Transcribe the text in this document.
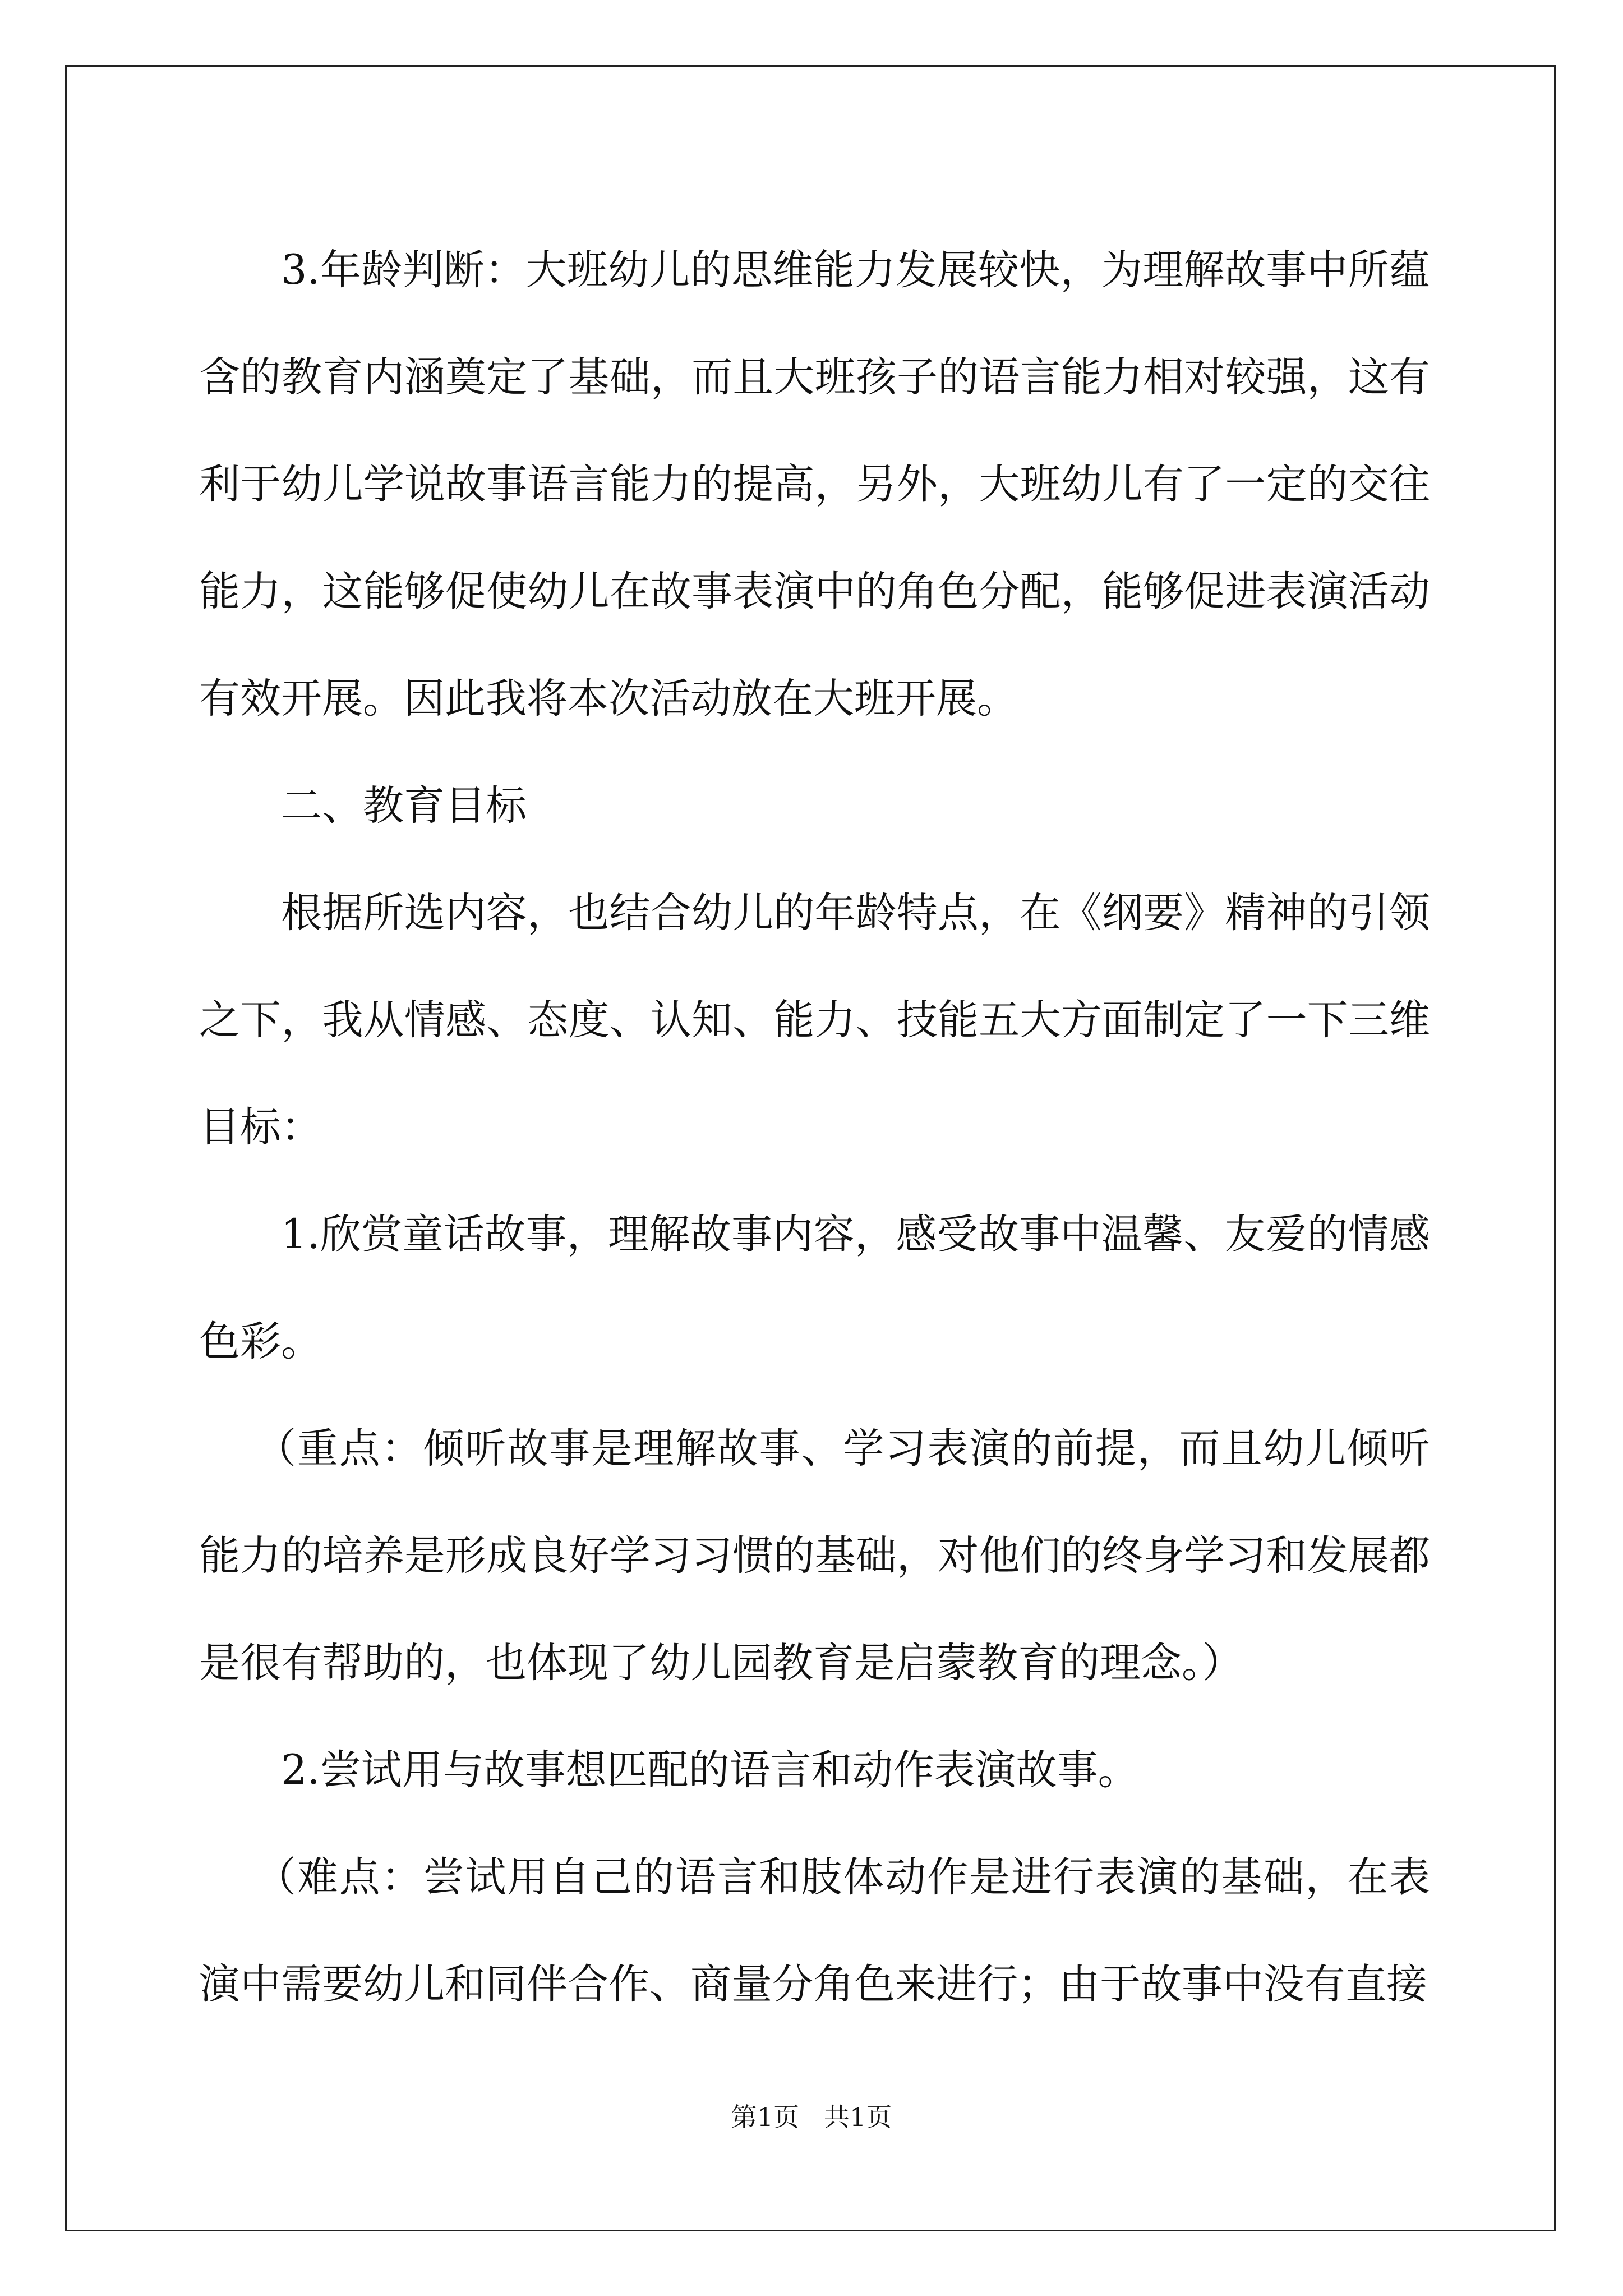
3.年龄判断：大班幼儿的思维能力发展较快，为理解故事中所蕴含的教育内涵奠定了基础，而且大班孩子的语言能力相对较强，这有利于幼儿学说故事语言能力的提高，另外，大班幼儿有了一定的交往能力，这能够促使幼儿在故事表演中的角色分配，能够促进表演活动有效开展。因此我将本次活动放在大班开展。

二、教育目标

根据所选内容，也结合幼儿的年龄特点，在《纲要》精神的引领之下，我从情感、态度、认知、能力、技能五大方面制定了一下三维目标：

1.欣赏童话故事，理解故事内容，感受故事中温馨、友爱的情感色彩。

（重点：倾听故事是理解故事、学习表演的前提，而且幼儿倾听能力的培养是形成良好学习习惯的基础，对他们的终身学习和发展都是很有帮助的，也体现了幼儿园教育是启蒙教育的理念。）

2.尝试用与故事想匹配的语言和动作表演故事。

（难点：尝试用自己的语言和肢体动作是进行表演的基础，在表演中需要幼儿和同伴合作、商量分角色来进行；由于故事中没有直接

第1页 共1页
